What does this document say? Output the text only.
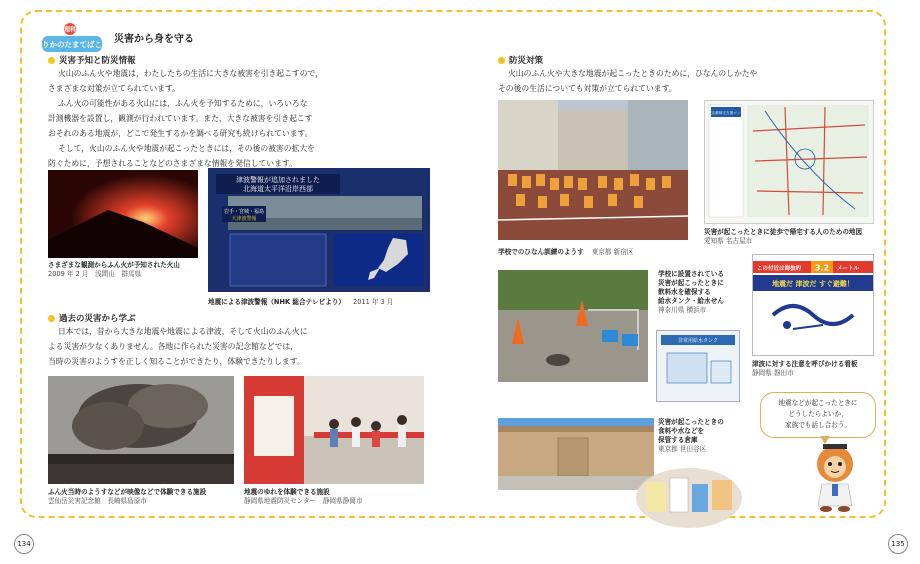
理科
りかのたまてばこ 災害から身を守る
災害予知と防災情報

火山のふん火や地震は，わたしたちの生活に大きな被害を引き起こすので，

さまざまな対策が立てられています。

ふん火の可能性がある火山には，ふん火を予知するために，いろいろな

計測機器を設置し，観測が行われています。また，大きな被害を引き起こす

おそれのある地震が，どこで発生するかを調べる研究も続けられています。

そして，火山のふん火や地震が起こったときには，その後の被害の拡大を

防ぐために，予想されることなどのさまざまな情報を発信しています。

さまざまな観測からふん火が予知された火山
2009 年 2 月　浅間山　群馬県
津波警報が追加されました
北海道太平洋沿岸西部
岩手・宮城・福島
大津波警報
地震による津波警報（NHK 総合テレビより） 2011 年 3 月
過去の災害から学ぶ

日本では，昔から大きな地震や地震による津波，そして火山のふん火に

よる災害が少なくありません。各地に作られた災害の記念館などでは，

当時の災害のようすを正しく知ることができたり，体験できたりします。

ふん火当時のようすなどが映像などで体験できる施設
雲仙岳災害記念館　長崎県島原市
地震のゆれを体験できる施設
静岡県地震防災センター　静岡県静岡市
134
防災対策

火山のふん火や大きな地震が起こったときのために，ひなんのしかたや

その後の生活についても対策が立てられています。

学校でのひなん訓練のようす 東京都 新宿区
東京都帰宅支援マップ
災害が起こったときに徒歩で帰宅する人のための地図
愛知県 名古屋市
学校に設置されている
災害が起こったときに
飲料水を確保する
給水タンク・給水せん
神奈川県 横浜市
非常用給水タンク
この付近は海抜約 3.2 メートル
地震だ 津波だ すぐ避難！
津波に対する注意を呼びかける看板
静岡県 磐田市
災害が起こったときの
食料や水などを
保管する倉庫
東京都 世田谷区
地震などが起こったときに
どうしたらよいか，
家族でも話し合おう。
135
